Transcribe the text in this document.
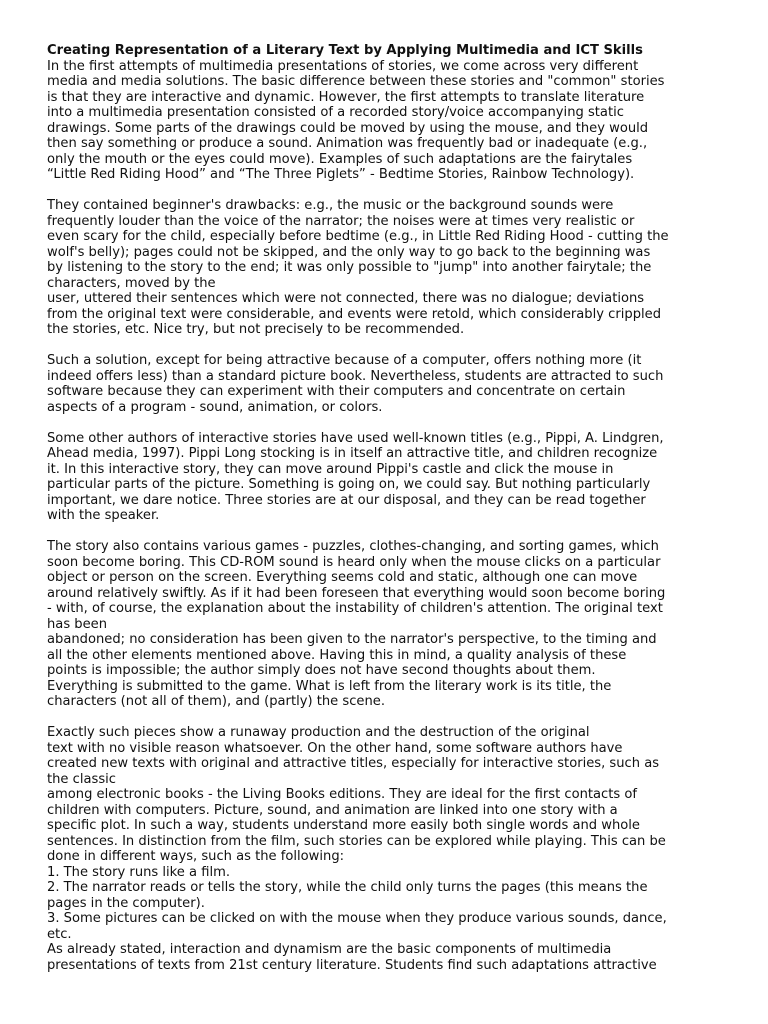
Creating Representation of a Literary Text by Applying Multimedia and ICT Skills
In the first attempts of multimedia presentations of stories, we come across very different
media and media solutions. The basic difference between these stories and "common" stories
is that they are interactive and dynamic. However, the first attempts to translate literature
into a multimedia presentation consisted of a recorded story/voice accompanying static
drawings. Some parts of the drawings could be moved by using the mouse, and they would
then say something or produce a sound. Animation was frequently bad or inadequate (e.g.,
only the mouth or the eyes could move). Examples of such adaptations are the fairytales
“Little Red Riding Hood” and “The Three Piglets” - Bedtime Stories, Rainbow Technology).
They contained beginner's drawbacks: e.g., the music or the background sounds were
frequently louder than the voice of the narrator; the noises were at times very realistic or
even scary for the child, especially before bedtime (e.g., in Little Red Riding Hood - cutting the
wolf's belly); pages could not be skipped, and the only way to go back to the beginning was
by listening to the story to the end; it was only possible to "jump" into another fairytale; the
characters, moved by the
user, uttered their sentences which were not connected, there was no dialogue; deviations
from the original text were considerable, and events were retold, which considerably crippled
the stories, etc. Nice try, but not precisely to be recommended.
Such a solution, except for being attractive because of a computer, offers nothing more (it
indeed offers less) than a standard picture book. Nevertheless, students are attracted to such
software because they can experiment with their computers and concentrate on certain
aspects of a program - sound, animation, or colors.
Some other authors of interactive stories have used well-known titles (e.g., Pippi, A. Lindgren,
Ahead media, 1997). Pippi Long stocking is in itself an attractive title, and children recognize
it. In this interactive story, they can move around Pippi's castle and click the mouse in
particular parts of the picture. Something is going on, we could say. But nothing particularly
important, we dare notice. Three stories are at our disposal, and they can be read together
with the speaker.
The story also contains various games - puzzles, clothes-changing, and sorting games, which
soon become boring. This CD-ROM sound is heard only when the mouse clicks on a particular
object or person on the screen. Everything seems cold and static, although one can move
around relatively swiftly. As if it had been foreseen that everything would soon become boring
- with, of course, the explanation about the instability of children's attention. The original text
has been
abandoned; no consideration has been given to the narrator's perspective, to the timing and
all the other elements mentioned above. Having this in mind, a quality analysis of these
points is impossible; the author simply does not have second thoughts about them.
Everything is submitted to the game. What is left from the literary work is its title, the
characters (not all of them), and (partly) the scene.
Exactly such pieces show a runaway production and the destruction of the original
text with no visible reason whatsoever. On the other hand, some software authors have
created new texts with original and attractive titles, especially for interactive stories, such as
the classic
among electronic books - the Living Books editions. They are ideal for the first contacts of
children with computers. Picture, sound, and animation are linked into one story with a
specific plot. In such a way, students understand more easily both single words and whole
sentences. In distinction from the film, such stories can be explored while playing. This can be
done in different ways, such as the following:
1. The story runs like a film.
2. The narrator reads or tells the story, while the child only turns the pages (this means the
pages in the computer).
3. Some pictures can be clicked on with the mouse when they produce various sounds, dance,
etc.
As already stated, interaction and dynamism are the basic components of multimedia
presentations of texts from 21st century literature. Students find such adaptations attractive
